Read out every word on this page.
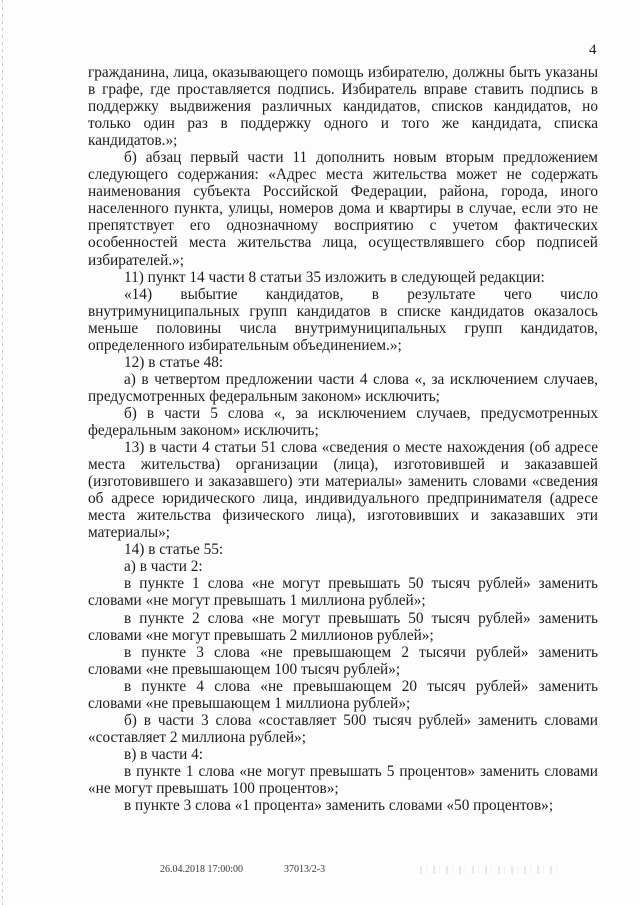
4

гражданина, лица, оказывающего помощь избирателю, должны быть указаны в графе, где проставляется подпись. Избиратель вправе ставить подпись в поддержку выдвижения различных кандидатов, списков кандидатов, но только один раз в поддержку одного и того же кандидата, списка кандидатов.»;

б) абзац первый части 11 дополнить новым вторым предложением следующего содержания: «Адрес места жительства может не содержать наименования субъекта Российской Федерации, района, города, иного населенного пункта, улицы, номеров дома и квартиры в случае, если это не препятствует его однозначному восприятию с учетом фактических особенностей места жительства лица, осуществлявшего сбор подписей избирателей.»;

11) пункт 14 части 8 статьи 35 изложить в следующей редакции:

«14) выбытие кандидатов, в результате чего число внутримуниципальных групп кандидатов в списке кандидатов оказалось меньше половины числа внутримуниципальных групп кандидатов, определенного избирательным объединением.»;

12) в статье 48:

а) в четвертом предложении части 4 слова «, за исключением случаев, предусмотренных федеральным законом» исключить;

б) в части 5 слова «, за исключением случаев, предусмотренных федеральным законом» исключить;

13) в части 4 статьи 51 слова «сведения о месте нахождения (об адресе места жительства) организации (лица), изготовившей и заказавшей (изготовившего и заказавшего) эти материалы» заменить словами «сведения об адресе юридического лица, индивидуального предпринимателя (адресе места жительства физического лица), изготовивших и заказавших эти материалы»;

14) в статье 55:

а) в части 2:

в пункте 1 слова «не могут превышать 50 тысяч рублей» заменить словами «не могут превышать 1 миллиона рублей»;

в пункте 2 слова «не могут превышать 50 тысяч рублей» заменить словами «не могут превышать 2 миллионов рублей»;

в пункте 3 слова «не превышающем 2 тысячи рублей» заменить словами «не превышающем 100 тысяч рублей»;

в пункте 4 слова «не превышающем 20 тысяч рублей» заменить словами «не превышающем 1 миллиона рублей»;

б) в части 3 слова «составляет 500 тысяч рублей» заменить словами «составляет 2 миллиона рублей»;

в) в части 4:

в пункте 1 слова «не могут превышать 5 процентов» заменить словами «не могут превышать 100 процентов»;

в пункте 3 слова «1 процента» заменить словами «50 процентов»;

26.04.2018 17:00:00	37013/2-3
